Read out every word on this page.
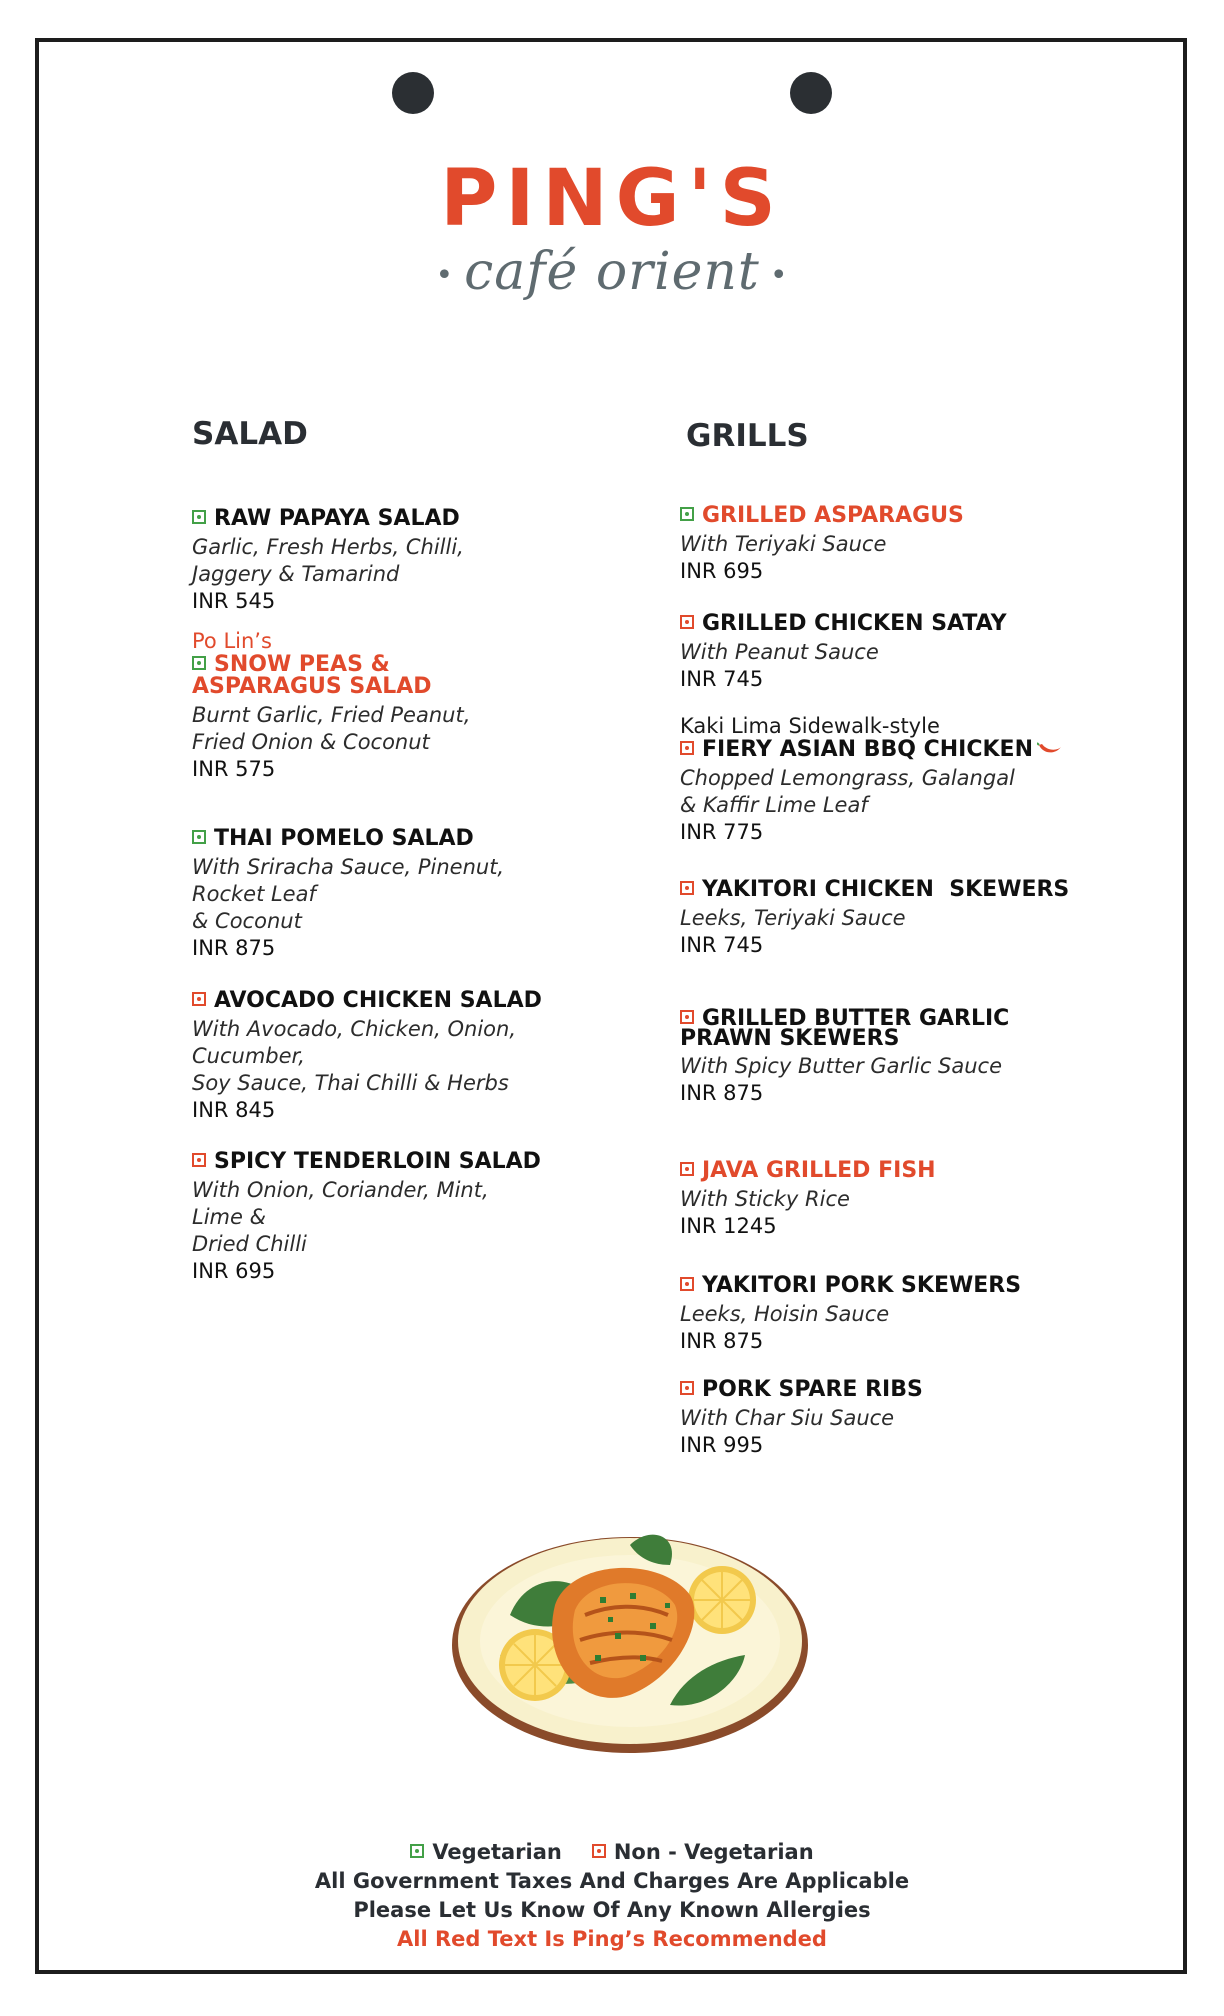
PING'S
• café orient •
SALAD	GRILLS
RAW PAPAYA SALAD
Garlic, Fresh Herbs, Chilli,
Jaggery & Tamarind
INR 545
Po Lin’s
SNOW PEAS &
ASPARAGUS SALAD
Burnt Garlic, Fried Peanut,
Fried Onion & Coconut
INR 575
THAI POMELO SALAD
With Sriracha Sauce, Pinenut,
Rocket Leaf
& Coconut
INR 875
AVOCADO CHICKEN SALAD
With Avocado, Chicken, Onion,
Cucumber,
Soy Sauce, Thai Chilli & Herbs
INR 845
SPICY TENDERLOIN SALAD
With Onion, Coriander, Mint,
Lime &
Dried Chilli
INR 695
GRILLED ASPARAGUS
With Teriyaki Sauce
INR 695
GRILLED CHICKEN SATAY
With Peanut Sauce
INR 745
Kaki Lima Sidewalk-style
FIERY ASIAN BBQ CHICKEN
Chopped Lemongrass, Galangal
& Kaffir Lime Leaf
INR 775
YAKITORI CHICKEN  SKEWERS
Leeks, Teriyaki Sauce
INR 745
GRILLED BUTTER GARLIC
PRAWN SKEWERS
With Spicy Butter Garlic Sauce
INR 875
JAVA GRILLED FISH
With Sticky Rice
INR 1245
YAKITORI PORK SKEWERS
Leeks, Hoisin Sauce
INR 875
PORK SPARE RIBS
With Char Siu Sauce
INR 995
Vegetarian Non - Vegetarian
All Government Taxes And Charges Are Applicable
Please Let Us Know Of Any Known Allergies
All Red Text Is Ping’s Recommended
